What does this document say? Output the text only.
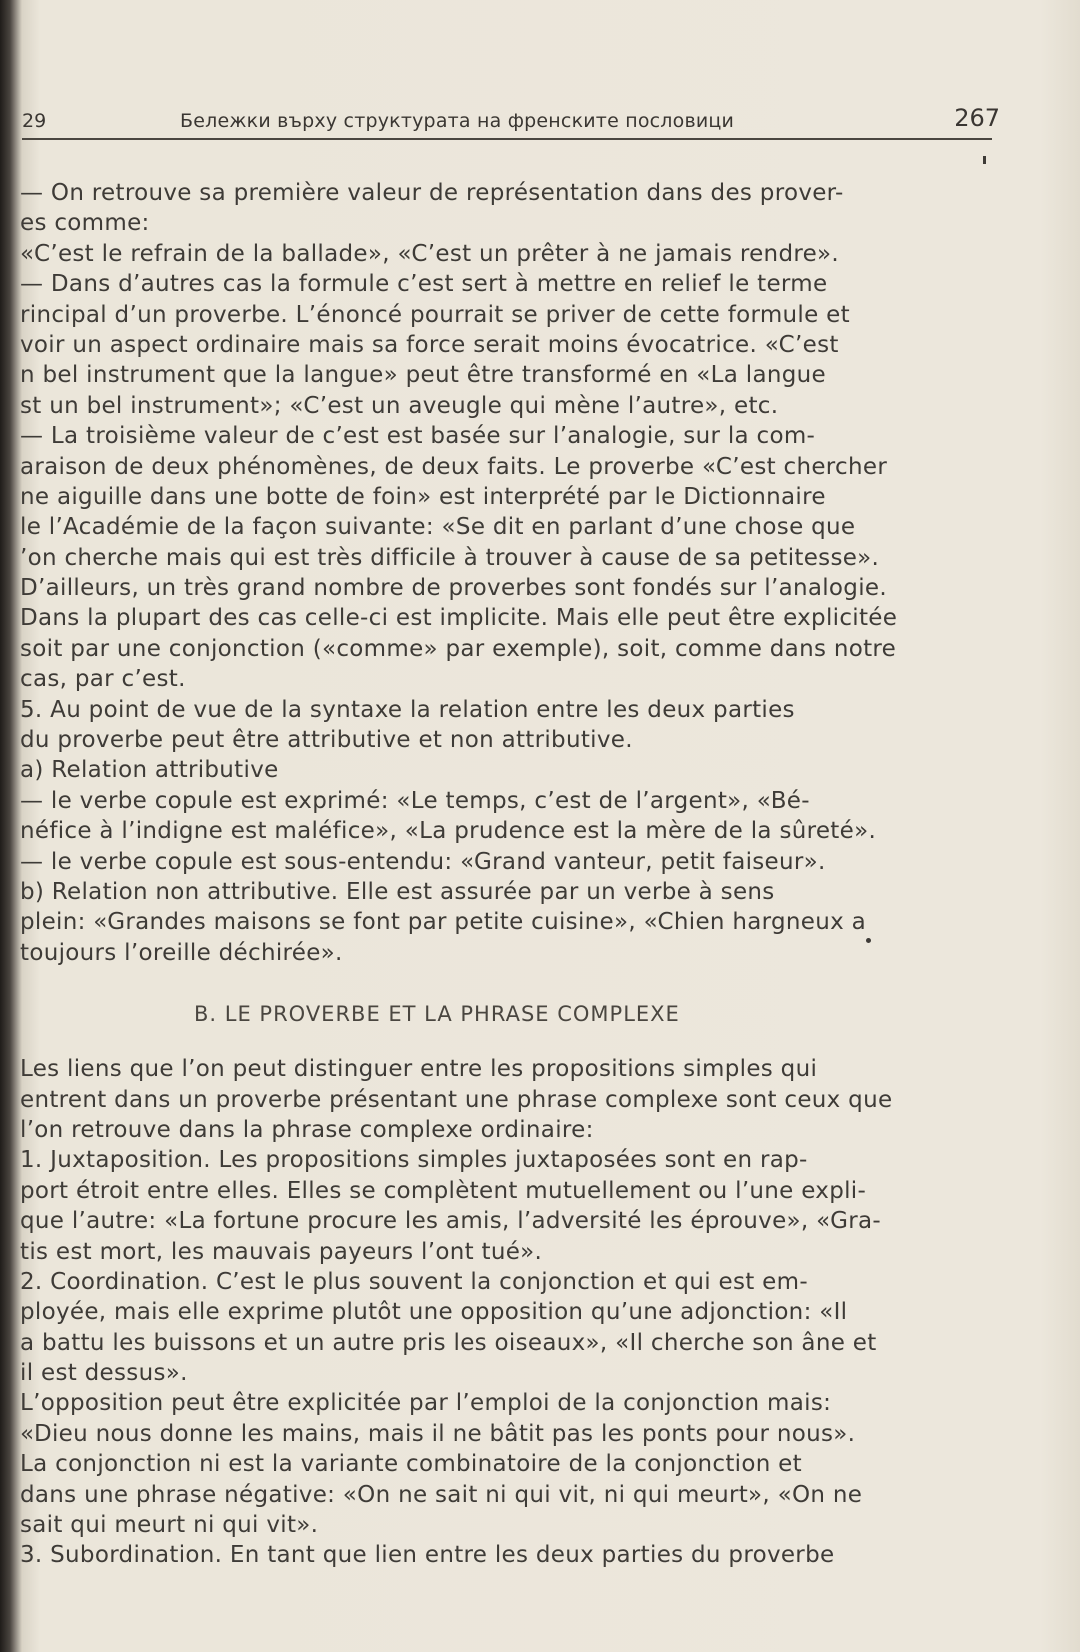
29	Бележки върху структурата на френските пословици	267
— On retrouve sa première valeur de représentation dans des prover-
es comme:
«C’est le refrain de la ballade», «C’est un prêter à ne jamais rendre».
— Dans d’autres cas la formule c’est sert à mettre en relief le terme
rincipal d’un proverbe. L’énoncé pourrait se priver de cette formule et
voir un aspect ordinaire mais sa force serait moins évocatrice. «C’est
n bel instrument que la langue» peut être transformé en «La langue
st un bel instrument»; «C’est un aveugle qui mène l’autre», etc.
— La troisième valeur de c’est est basée sur l’analogie, sur la com-
araison de deux phénomènes, de deux faits. Le proverbe «C’est chercher
ne aiguille dans une botte de foin» est interprété par le Dictionnaire
le l’Académie de la façon suivante: «Se dit en parlant d’une chose que
’on cherche mais qui est très difficile à trouver à cause de sa petitesse».
D’ailleurs, un très grand nombre de proverbes sont fondés sur l’analogie.
Dans la plupart des cas celle-ci est implicite. Mais elle peut être explicitée
soit par une conjonction («comme» par exemple), soit, comme dans notre
cas, par c’est.
5. Au point de vue de la syntaxe la relation entre les deux parties
du proverbe peut être attributive et non attributive.
a) Relation attributive
— le verbe copule est exprimé: «Le temps, c’est de l’argent», «Bé-
néfice à l’indigne est maléfice», «La prudence est la mère de la sûreté».
— le verbe copule est sous-entendu: «Grand vanteur, petit faiseur».
b) Relation non attributive. Elle est assurée par un verbe à sens
plein: «Grandes maisons se font par petite cuisine», «Chien hargneux a
toujours l’oreille déchirée».
B. LE PROVERBE ET LA PHRASE COMPLEXE
Les liens que l’on peut distinguer entre les propositions simples qui
entrent dans un proverbe présentant une phrase complexe sont ceux que
l’on retrouve dans la phrase complexe ordinaire:
1. Juxtaposition. Les propositions simples juxtaposées sont en rap-
port étroit entre elles. Elles se complètent mutuellement ou l’une expli-
que l’autre: «La fortune procure les amis, l’adversité les éprouve», «Gra-
tis est mort, les mauvais payeurs l’ont tué».
2. Coordination. C’est le plus souvent la conjonction et qui est em-
ployée, mais elle exprime plutôt une opposition qu’une adjonction: «Il
a battu les buissons et un autre pris les oiseaux», «Il cherche son âne et
il est dessus».
L’opposition peut être explicitée par l’emploi de la conjonction mais:
«Dieu nous donne les mains, mais il ne bâtit pas les ponts pour nous».
La conjonction ni est la variante combinatoire de la conjonction et
dans une phrase négative: «On ne sait ni qui vit, ni qui meurt», «On ne
sait qui meurt ni qui vit».
3. Subordination. En tant que lien entre les deux parties du proverbe
